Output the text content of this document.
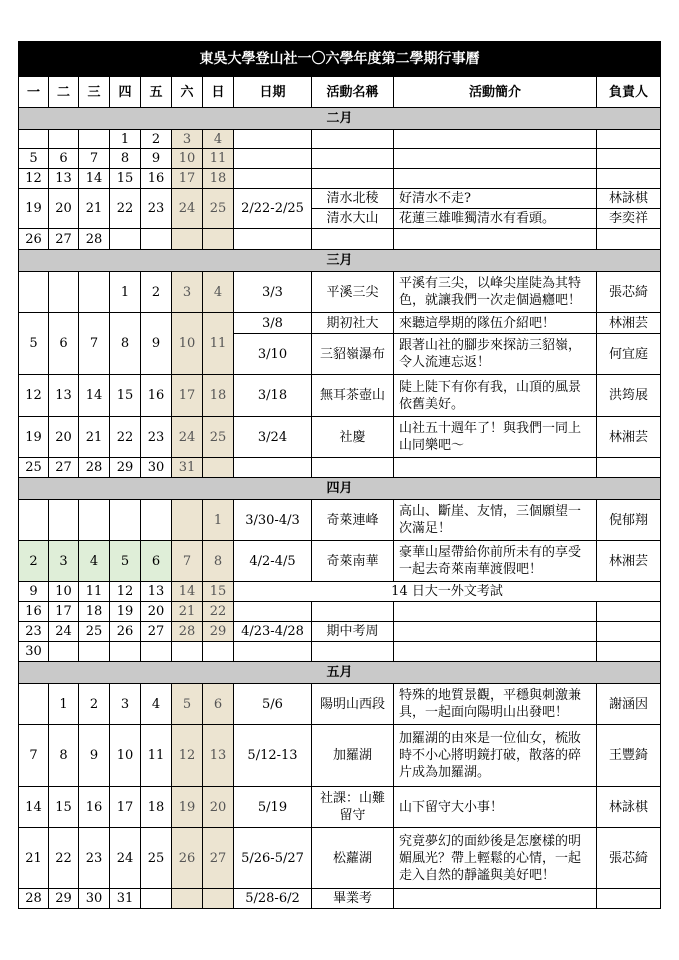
東吳大學登山社一〇六學年度第二學期行事曆										
一	二	三	四	五	六	日	日期	活動名稱	活動簡介	負責人
二月										
			1	2	3	4				
5	6	7	8	9	10	11				
12	13	14	15	16	17	18				
19	20	21	22	23	24	25	2/22-2/25	清水北稜	好清水不走?	林詠棋
								清水大山	花蓮三雄唯獨清水有看頭。	李奕祥
26	27	28								
三月										
			1	2	3	4	3/3	平溪三尖	平溪有三尖，以峰尖崖陡為其特色，就讓我們一次走個過癮吧！	張芯綺
5	6	7	8	9	10	11	3/8	期初社大	來聽這學期的隊伍介紹吧！	林湘芸
							3/10	三貂嶺瀑布	跟著山社的腳步來探訪三貂嶺，令人流連忘返！	何宜庭
12	13	14	15	16	17	18	3/18	無耳茶壺山	陡上陡下有你有我，山頂的風景依舊美好。	洪筠展
19	20	21	22	23	24	25	3/24	社慶	山社五十週年了！與我們一同上山同樂吧～	林湘芸
25	27	28	29	30	31					
四月										
						1	3/30-4/3	奇萊連峰	高山、斷崖、友情，三個願望一次滿足！	倪郁翔
2	3	4	5	6	7	8	4/2-4/5	奇萊南華	豪華山屋帶給你前所未有的享受　一起去奇萊南華渡假吧！	林湘芸
9	10	11	12	13	14	15	14 日大一外文考試			
16	17	18	19	20	21	22				
23	24	25	26	27	28	29	4/23-4/28	期中考周		
30										
五月										
	1	2	3	4	5	6	5/6	陽明山西段	特殊的地質景觀，平穩與刺激兼具，一起面向陽明山出發吧！	謝涵因
7	8	9	10	11	12	13	5/12-13	加羅湖	加羅湖的由來是一位仙女，梳妝時不小心將明鏡打破，散落的碎片成為加羅湖。	王豐錡
14	15	16	17	18	19	20	5/19	社課：山難留守	山下留守大小事！	林詠棋
21	22	23	24	25	26	27	5/26-5/27	松蘿湖	究竟夢幻的面紗後是怎麼樣的明媚風光？帶上輕鬆的心情，一起走入自然的靜謐與美好吧！	張芯綺
28	29	30	31				5/28-6/2	畢業考		
